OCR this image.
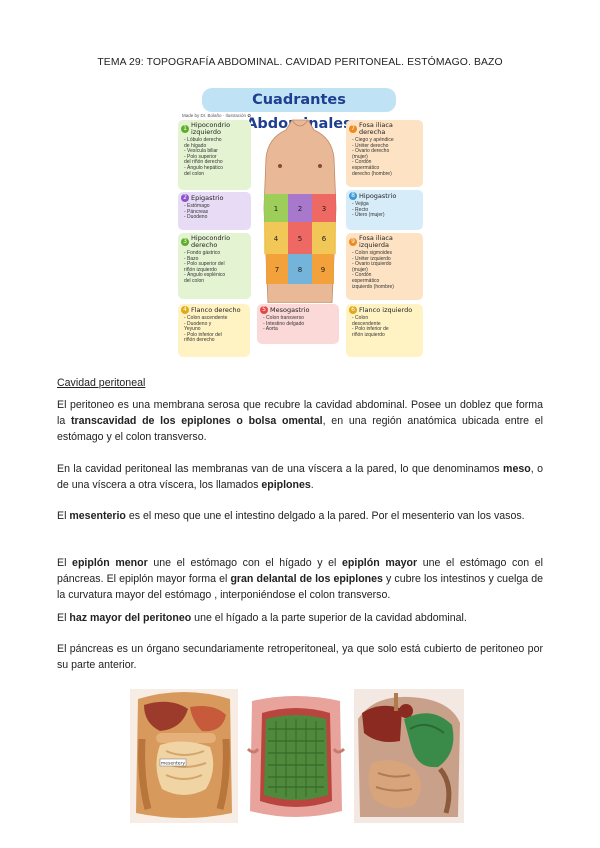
TEMA 29: TOPOGRAFÍA ABDOMINAL. CAVIDAD PERITONEAL. ESTÓMAGO. BAZO
Cuadrantes
Made by Dr. Bolaño · Ilustración ✿
1 Hipocondrio izquierdo
- Lóbulo derecho
de hígado
- Vesícula biliar
- Polo superior
del riñón derecho
- Ángulo hepático
del colon
2 Epigastrio
- Estómago
- Páncreas
- Duodeno
3 Hipocondrio derecho
- Fondo gástrico
- Bazo
- Polo superior del
riñón izquierdo
- Ángulo esplénico
del colon
4 Flanco derecho
- Colon ascendente
- Duodeno y
Yeyuno
- Polo inferior del
riñón derecho
5 Mesogastrio
- Colon transverso
- Intestino delgado
- Aorta
7 Fosa iliaca derecha
- Ciego y apéndice
- Uréter derecho
- Ovario derecho
(mujer)
- Cordón
espermático
derecho (hombre)
8 Hipogastrio
- Vejiga
- Recto
- Útero (mujer)
9 Fosa iliaca izquierda
- Colon sigmoides
- Uréter izquierdo
- Ovario izquierdo
(mujer)
- Cordón
espermático
izquierdo (hombre)
6 Flanco izquierdo
- Colon
descendente
- Polo inferior de
riñón izquierdo
1	2	3
4	5	6
7	8	9
Cavidad peritoneal

El peritoneo es una membrana serosa que recubre la cavidad abdominal. Posee un doblez que forma la transcavidad de los epiplones o bolsa omental, en una región anatómica ubicada entre el estómago y el colon transverso.

En la cavidad peritoneal las membranas van de una víscera a la pared, lo que denominamos meso, o de una víscera a otra víscera, los llamados epiplones.

El mesenterio es el meso que une el intestino delgado a la pared. Por el mesenterio van los vasos.

El epiplón menor une el estómago con el hígado y el epiplón mayor une el estómago con el páncreas. El epiplón mayor forma el gran delantal de los epiplones y cubre los intestinos y cuelga de la curvatura mayor del estómago , interponiéndose el colon transverso.

El haz mayor del peritoneo une el hígado a la parte superior de la cavidad abdominal.

El páncreas es un órgano secundariamente retroperitoneal, ya que solo está cubierto de peritoneo por su parte anterior.

mesentery
